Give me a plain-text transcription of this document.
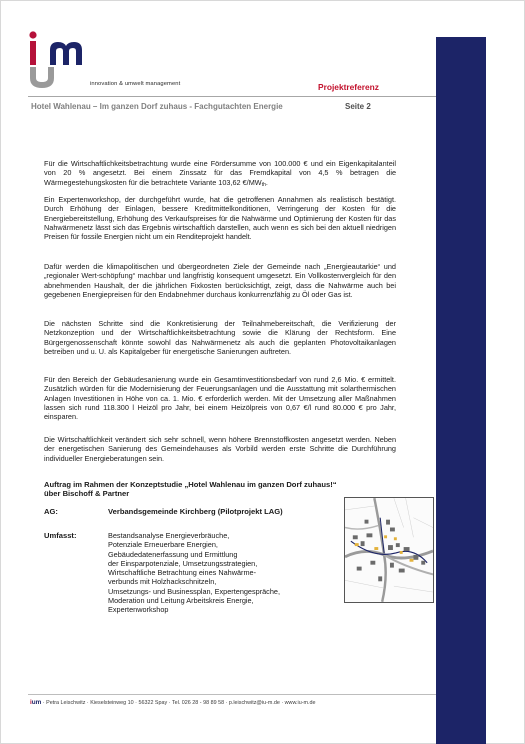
innovation & umwelt management	Projektreferenz
Hotel Wahlenau – Im ganzen Dorf zuhaus - Fachgutachten Energie	Seite 2

Für die Wirtschaftlichkeitsbetrachtung wurde eine Fördersumme von 100.000 € und ein Eigenkapitalanteil von 20 % angesetzt. Bei einem Zinssatz für das Fremdkapital von 4,5 % betragen die Wärmegestehungskosten für die betrachtete Variante 103,62 $€/MW_{th}$.

Ein Expertenworkshop, der durchgeführt wurde, hat die getroffenen Annahmen als realistisch bestätigt. Durch Erhöhung der Einlagen, bessere Kreditmittelkonditionen, Verringerung der Kosten für die Energiebereitstellung, Erhöhung des Verkaufspreises für die Nahwärme und Optimierung der Kosten für das Nahwärmenetz lässt sich das Ergebnis wirtschaftlich darstellen, auch wenn es sich bei den aktuell niedrigen Preisen für fossile Energien nicht um ein Renditeprojekt handelt.

Dafür werden die klimapolitischen und übergeordneten Ziele der Gemeinde nach „Energieautarkie“ und „regionaler Wert-schöpfung“ machbar und langfristig konsequent umgesetzt. Ein Vollkostenvergleich für den abnehmenden Haushalt, der die jährlichen Fixkosten berücksichtigt, zeigt, dass die Nahwärme auch bei gegebenen Energiepreisen für den Endabnehmer durchaus konkurrenzfähig zu Öl oder Gas ist.

Die nächsten Schritte sind die Konkretisierung der Teilnahmebereitschaft, die Verifizierung der Netzkonzeption und der Wirtschaftlichkeitsbetrachtung sowie die Klärung der Rechtsform. Eine Bürgergenossenschaft könnte sowohl das Nahwärmenetz als auch die geplanten Photovoltaikanlagen betreiben und u. U. als Kapitalgeber für energetische Sanierungen auftreten.

Für den Bereich der Gebäudesanierung wurde ein Gesamtinvestitionsbedarf von rund 2,6 Mio. € ermittelt. Zusätzlich würden für die Modernisierung der Feuerungsanlagen und die Ausstattung mit solarthermischen Anlagen Investitionen in Höhe von ca. 1. Mio. € erforderlich werden. Mit der Umsetzung aller Maßnahmen lassen sich rund 118.300 l Heizöl pro Jahr, bei einem Heizölpreis von 0,67 €/l rund 80.000 € pro Jahr, einsparen.

Die Wirtschaftlichkeit verändert sich sehr schnell, wenn höhere Brennstoffkosten angesetzt werden. Neben der energetischen Sanierung des Gemeindehauses als Vorbild werden erste Schritte die Durchführung individueller Energieberatungen sein.

Auftrag im Rahmen der Konzeptstudie „Hotel Wahlenau im ganzen Dorf zuhaus!“
über Bischoff & Partner
AG:	Verbandsgemeinde Kirchberg (Pilotprojekt LAG)
Umfasst:	Bestandsanalyse Energieverbräuche,
Potenziale Erneuerbare Energien,
Gebäudedatenerfassung und Ermittlung
der Einsparpotenziale, Umsetzungsstrategien,
Wirtschaftliche Betrachtung eines Nahwärme-
verbunds mit Holzhackschnitzeln,
Umsetzungs- und Businessplan, Expertengespräche,
Moderation und Leitung Arbeitskreis Energie,
Expertenworkshop
ium · Petra Leischwitz · Kieselsteinweg 10 · 56322 Spay · Tel. 026 28 - 98 89 58 · p.leischwitz@iu-m.de · www.iu-m.de
